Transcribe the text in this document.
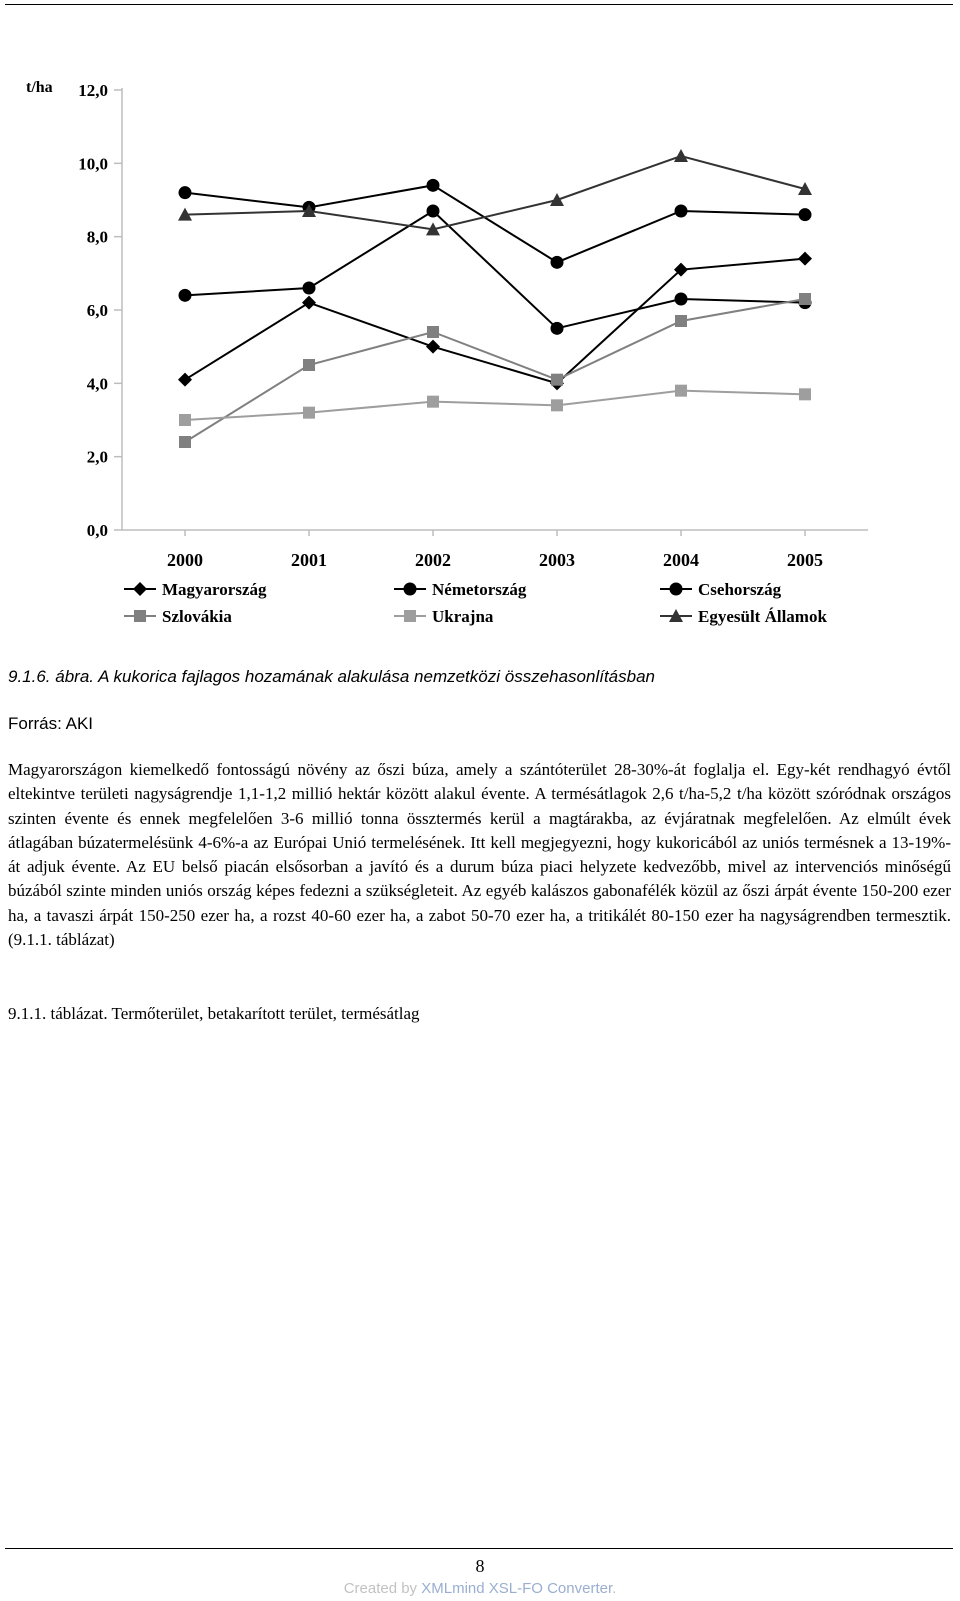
0,0
2,0
4,0
6,0
8,0
10,0
12,0
t/ha
2000	2001	2002	2003	2004	2005
Magyarország	Németország	Csehország
Szlovákia	Ukrajna	Egyesült Államok
9.1.6. ábra. A kukorica fajlagos hozamának alakulása nemzetközi összehasonlításban
Forrás: AKI
Magyarországon kiemelkedő fontosságú növény az őszi búza, amely a szántóterület 28-30%-át foglalja el. Egy-két rendhagyó évtől eltekintve területi nagyságrendje 1,1-1,2 millió hektár között alakul évente. A termésátlagok 2,6 t/ha-5,2 t/ha között szóródnak országos szinten évente és ennek megfelelően 3-6 millió tonna össztermés kerül a magtárakba, az évjáratnak megfelelően. Az elmúlt évek átlagában búzatermelésünk 4-6%-a az Európai Unió termelésének. Itt kell megjegyezni, hogy kukoricából az uniós termésnek a 13-19%-át adjuk évente. Az EU belső piacán elsősorban a javító és a durum búza piaci helyzete kedvezőbb, mivel az intervenciós minőségű búzából szinte minden uniós ország képes fedezni a szükségleteit. Az egyéb kalászos gabonafélék közül az őszi árpát évente 150-200 ezer ha, a tavaszi árpát 150-250 ezer ha, a rozst 40-60 ezer ha, a zabot 50-70 ezer ha, a tritikálét 80-150 ezer ha nagyságrendben termesztik. (9.1.1. táblázat)
9.1.1. táblázat. Termőterület, betakarított terület, termésátlag
8
Created by XMLmind XSL-FO Converter.
